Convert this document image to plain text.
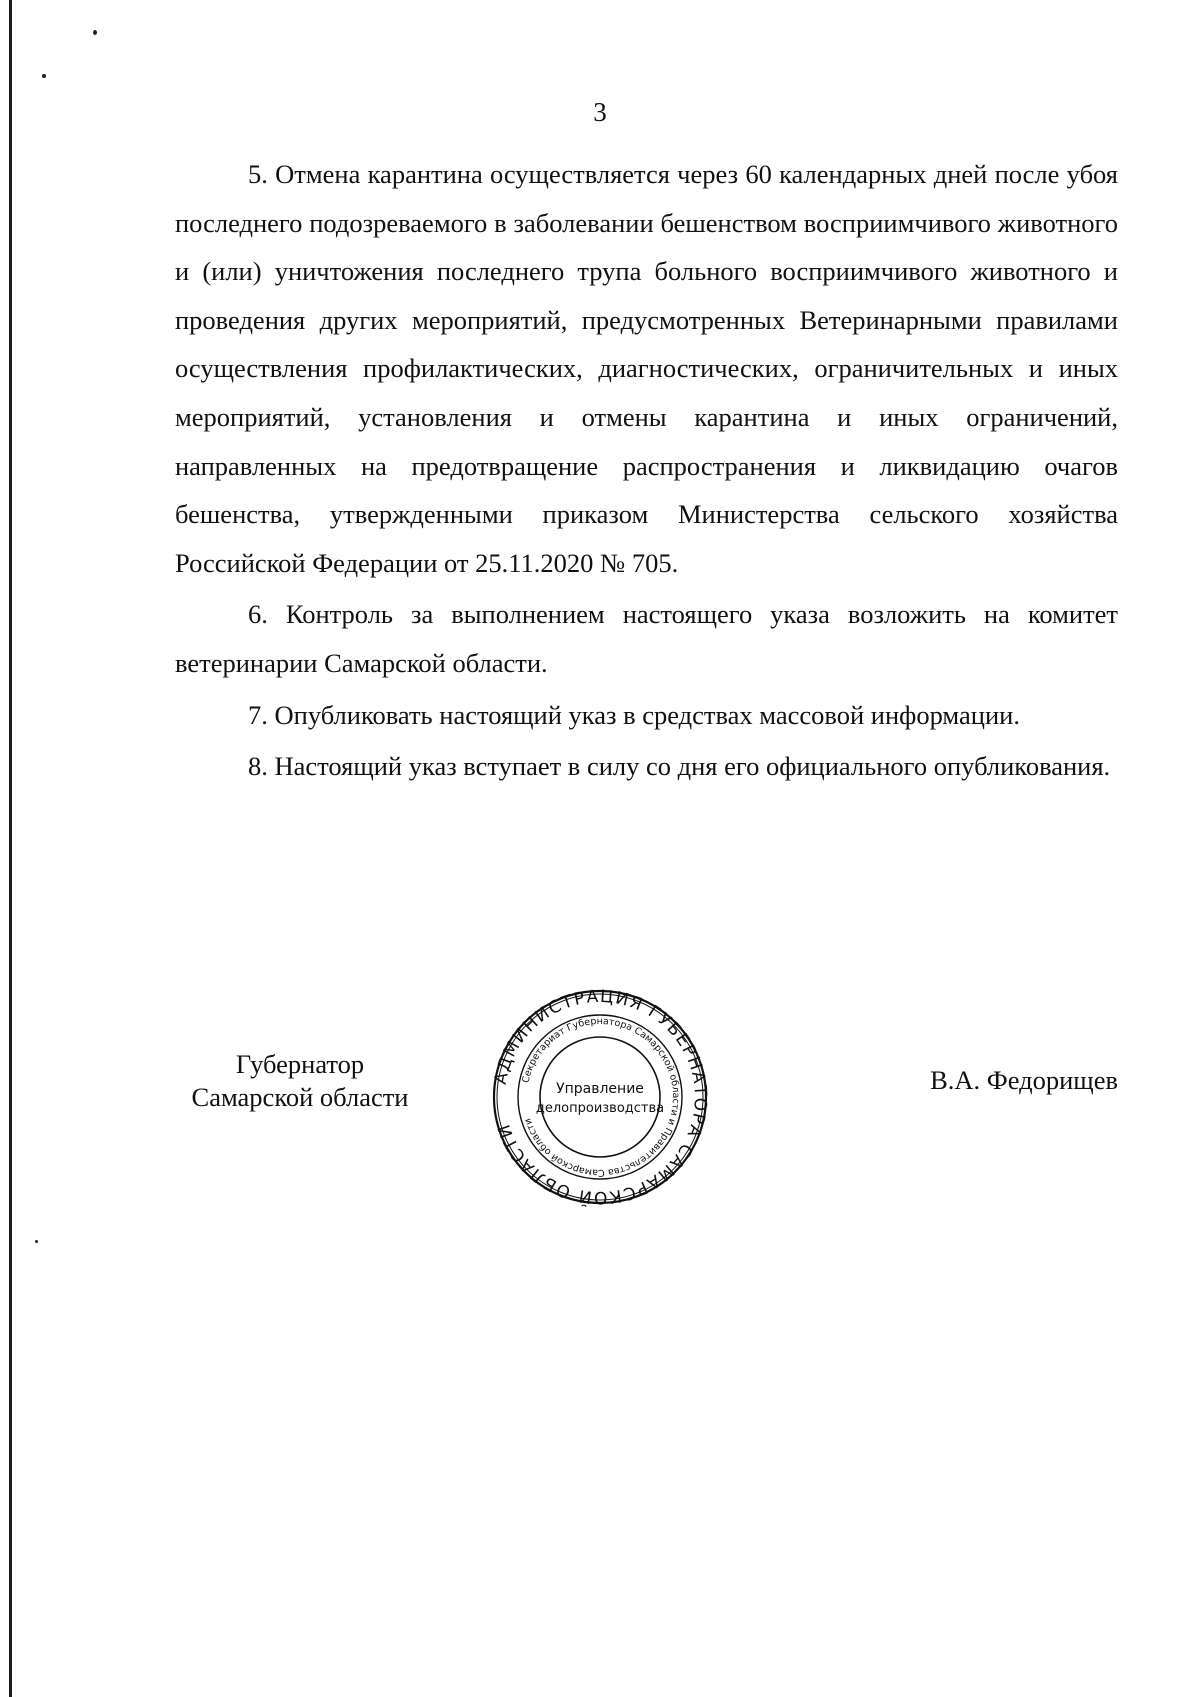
3

5. Отмена карантина осуществляется через 60 календарных дней после убоя последнего подозреваемого в заболевании бешенством восприимчивого животного и (или) уничтожения последнего трупа больного восприимчивого животного и проведения других мероприятий, предусмотренных Ветеринарными правилами осуществления профилактических, диагностических, ограничительных и иных мероприятий, установления и отмены карантина и иных ограничений, направленных на предотвращение распространения и ликвидацию очагов бешенства, утвержденными приказом Министерства сельского хозяйства Российской Федерации от 25.11.2020 № 705.

6. Контроль за выполнением настоящего указа возложить на комитет ветеринарии Самарской области.

7. Опубликовать настоящий указ в средствах массовой информации.

8. Настоящий указ вступает в силу со дня его официального опубликования.

Губернатор
Самарской области
АДМИНИСТРАЦИЯ ГУБЕРНАТОРА САМАРСКОЙ ОБЛАСТИ
Секретариат Губернатора Самарской области и Правительства Самарской области
Управление
делопроизводства
В.А. Федорищев
